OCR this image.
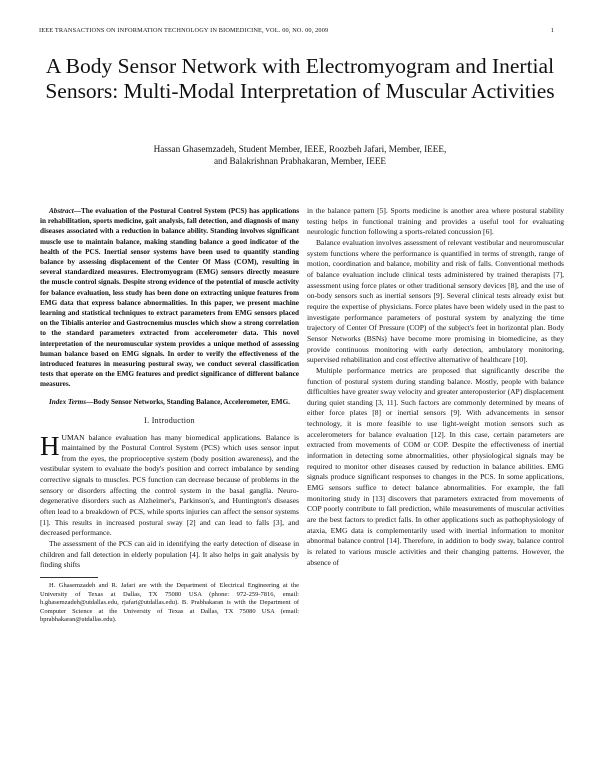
IEEE TRANSACTIONS ON INFORMATION TECHNOLOGY IN BIOMEDICINE, VOL. 00, NO. 00, 2009	1
A Body Sensor Network with Electromyogram and Inertial Sensors: Multi-Modal Interpretation of Muscular Activities
Hassan Ghasemzadeh, Student Member, IEEE, Roozbeh Jafari, Member, IEEE,
and Balakrishnan Prabhakaran, Member, IEEE

Abstract—The evaluation of the Postural Control System (PCS) has applications in rehabilitation, sports medicine, gait analysis, fall detection, and diagnosis of many diseases associated with a reduction in balance ability. Standing involves significant muscle use to maintain balance, making standing balance a good indicator of the health of the PCS. Inertial sensor systems have been used to quantify standing balance by assessing displacement of the Center Of Mass (COM), resulting in several standardized measures. Electromyogram (EMG) sensors directly measure the muscle control signals. Despite strong evidence of the potential of muscle activity for balance evaluation, less study has been done on extracting unique features from EMG data that express balance abnormalities. In this paper, we present machine learning and statistical techniques to extract parameters from EMG sensors placed on the Tibialis anterior and Gastrocnemius muscles which show a strong correlation to the standard parameters extracted from accelerometer data. This novel interpretation of the neuromuscular system provides a unique method of assessing human balance based on EMG signals. In order to verify the effectiveness of the introduced features in measuring postural sway, we conduct several classification tests that operate on the EMG features and predict significance of different balance measures.

Index Terms—Body Sensor Networks, Standing Balance, Accelerometer, EMG.

I. Introduction

HUMAN balance evaluation has many biomedical applications. Balance is maintained by the Postural Control System (PCS) which uses sensor input from the eyes, the proprioceptive system (body position awareness), and the vestibular system to evaluate the body's position and correct imbalance by sending corrective signals to muscles. PCS function can decrease because of problems in the sensory or disorders affecting the control system in the basal ganglia. Neuro-degenerative disorders such as Alzheimer's, Parkinson's, and Huntington's diseases often lead to a breakdown of PCS, while sports injuries can affect the sensor systems [1]. This results in increased postural sway [2] and can lead to falls [3], and decreased performance.

The assessment of the PCS can aid in identifying the early detection of disease in children and fall detection in elderly population [4]. It also helps in gait analysis by finding shifts

H. Ghasemzadeh and R. Jafari are with the Department of Electrical Engineering at the University of Texas at Dallas, TX 75080 USA (phone: 972-259-7816, email: h.ghasemzadeh@utdallas.edu, rjafari@utdallas.edu). B. Prabhakaran is with the Department of Computer Science at the University of Texas at Dallas, TX 75080 USA (email: bprabhakaran@utdallas.edu).

in the balance pattern [5]. Sports medicine is another area where postural stability testing helps in functional training and provides a useful tool for evaluating neurologic function following a sports-related concussion [6].

Balance evaluation involves assessment of relevant vestibular and neuromuscular system functions where the performance is quantified in terms of strength, range of motion, coordination and balance, mobility and risk of falls. Conventional methods of balance evaluation include clinical tests administered by trained therapists [7], assessment using force plates or other traditional sensory devices [8], and the use of on-body sensors such as inertial sensors [9]. Several clinical tests already exist but require the expertise of physicians. Force plates have been widely used in the past to investigate performance parameters of postural system by analyzing the time trajectory of Center Of Pressure (COP) of the subject's feet in horizontal plan. Body Sensor Networks (BSNs) have become more promising in biomedicine, as they provide continuous monitoring with early detection, ambulatory monitoring, supervised rehabilitation and cost effective alternative of healthcare [10].

Multiple performance metrics are proposed that significantly describe the function of postural system during standing balance. Mostly, people with balance difficulties have greater sway velocity and greater anteroposterior (AP) displacement during quiet standing [3, 11]. Such factors are commonly determined by means of either force plates [8] or inertial sensors [9]. With advancements in sensor technology, it is more feasible to use light-weight motion sensors such as accelerometers for balance evaluation [12]. In this case, certain parameters are extracted from movements of COM or COP. Despite the effectiveness of inertial information in detecting some abnormalities, other physiological signals may be required to monitor other diseases caused by reduction in balance abilities. EMG signals produce significant responses to changes in the PCS. In some applications, EMG sensors suffice to detect balance abnormalities. For example, the fall monitoring study in [13] discovers that parameters extracted from movements of COP poorly contribute to fall prediction, while measurements of muscular activities are the best factors to predict falls. In other applications such as pathophysiology of ataxia, EMG data is complementarily used with inertial information to monitor abnormal balance control [14]. Therefore, in addition to body sway, balance control is related to various muscle activities and their changing patterns. However, the absence of
